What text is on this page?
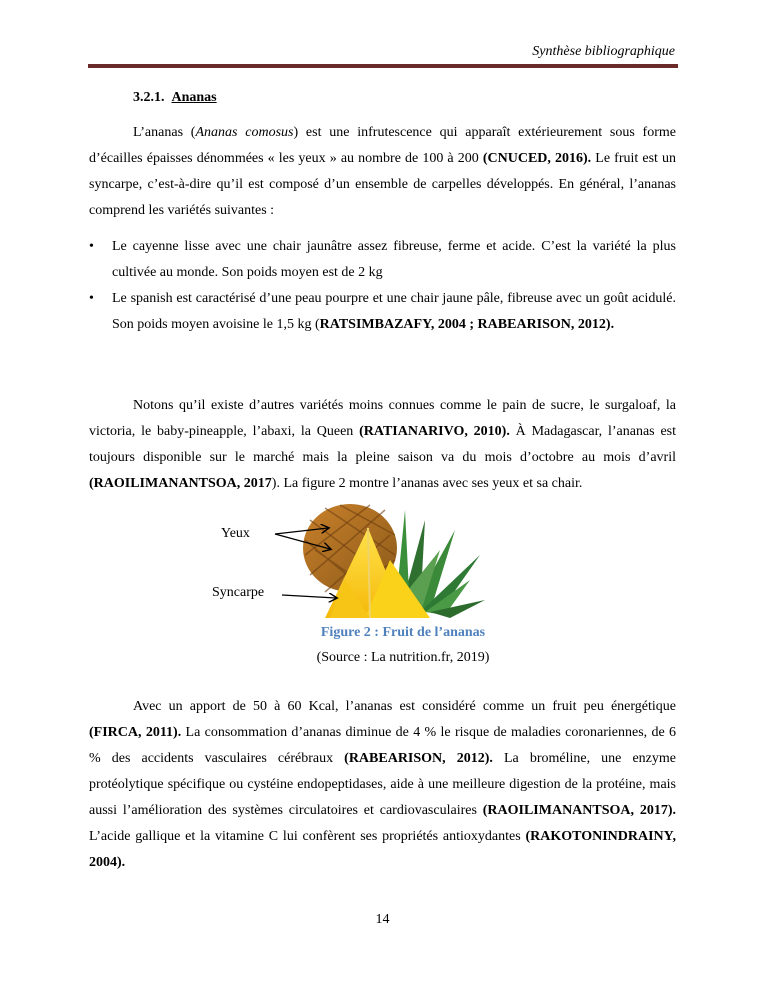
Synthèse bibliographique
3.2.1. Ananas

L’ananas (Ananas comosus) est une infrutescence qui apparaît extérieurement sous forme d’écailles épaisses dénommées « les yeux » au nombre de 100 à 200 (CNUCED, 2016). Le fruit est un syncarpe, c’est-à-dire qu’il est composé d’un ensemble de carpelles développés. En général, l’ananas comprend les variétés suivantes :

• Le cayenne lisse avec une chair jaunâtre assez fibreuse, ferme et acide. C’est la variété la plus cultivée au monde. Son poids moyen est de 2 kg
• Le spanish est caractérisé d’une peau pourpre et une chair jaune pâle, fibreuse avec un goût acidulé. Son poids moyen avoisine le 1,5 kg (RATSIMBAZAFY, 2004 ; RABEARISON, 2012).

Notons qu’il existe d’autres variétés moins connues comme le pain de sucre, le surgaloaf, la victoria, le baby-pineapple, l’abaxi, la Queen (RATIANARIVO, 2010). À Madagascar, l’ananas est toujours disponible sur le marché mais la pleine saison va du mois d’octobre au mois d’avril (RAOILIMANANTSOA, 2017). La figure 2 montre l’ananas avec ses yeux et sa chair.

Yeux
Syncarpe
Figure 2 : Fruit de l’ananas
(Source : La nutrition.fr, 2019)

Avec un apport de 50 à 60 Kcal, l’ananas est considéré comme un fruit peu énergétique (FIRCA, 2011). La consommation d’ananas diminue de 4 % le risque de maladies coronariennes, de 6 % des accidents vasculaires cérébraux (RABEARISON, 2012). La broméline, une enzyme protéolytique spécifique ou cystéine endopeptidases, aide à une meilleure digestion de la protéine, mais aussi l’amélioration des systèmes circulatoires et cardiovasculaires (RAOILIMANANTSOA, 2017). L’acide gallique et la vitamine C lui confèrent ses propriétés antioxydantes (RAKOTONINDRAINY, 2004).

14
